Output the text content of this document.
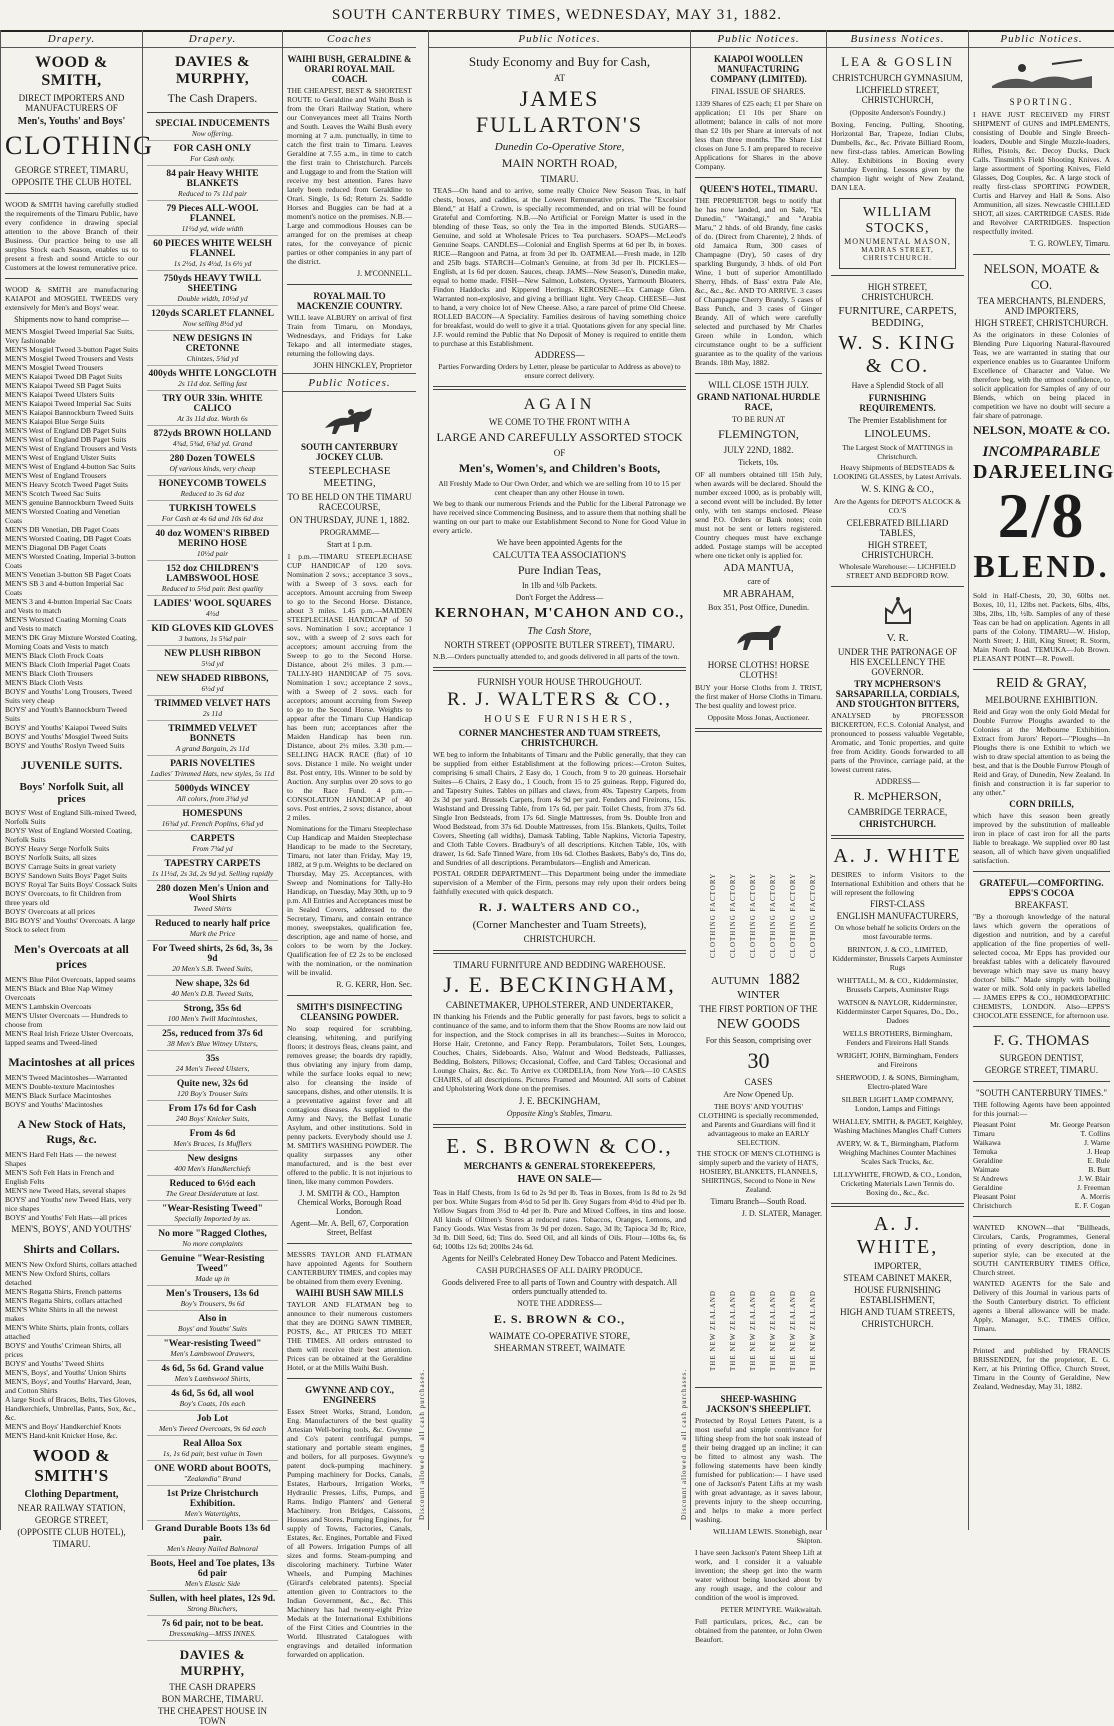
SOUTH CANTERBURY TIMES, WEDNESDAY, MAY 31, 1882.
Drapery.
WOOD & SMITH,
DIRECT IMPORTERS AND MANUFACTURERS OF
Men's, Youths' and Boys'
CLOTHING
GEORGE STREET, TIMARU,
OPPOSITE THE CLUB HOTEL

WOOD & SMITH having carefully studied the requirements of the Timaru Public, have every confidence in drawing special attention to the above Branch of their Business. Our practice being to use all surplus Stock each Season, enables us to present a fresh and sound Article to our Customers at the lowest remunerative price.

WOOD & SMITH are manufacturing KAIAPOI and MOSGIEL TWEEDS very extensively for Men's and Boys' wear.

Shipments now to hand comprise—
MEN'S Mosgiel Tweed Imperial Sac Suits, Very fashionable
MEN'S Mosgiel Tweed 3-button Paget Suits
MEN'S Mosgiel Tweed Trousers and Vests
MEN'S Mosgiel Tweed Trousers
MEN'S Kaiapoi Tweed DB Paget Suits
MEN'S Kaiapoi Tweed SB Paget Suits
MEN'S Kaiapoi Tweed Ulsters Suits
MEN'S Kaiapoi Tweed Imperial Sac Suits
MEN'S Kaiapoi Bannockburn Tweed Suits
MEN'S Kaiapoi Blue Serge Suits
MEN'S West of England DB Paget Suits
MEN'S West of England DB Paget Suits
MEN'S West of England Trousers and Vests
MEN'S West of England Ulster Suits
MEN'S West of England 4-button Sac Suits
MEN'S West of England Trousers
MEN'S Heavy Scotch Tweed Paget Suits
MEN'S Scotch Tweed Sac Suits
MEN'S genuine Bannockburn Tweed Suits
MEN'S Worsted Coating and Venetian Coats
MEN'S DB Venetian, DB Paget Coats
MEN'S Worsted Coating, DB Paget Coats
MEN'S Diagonal DB Paget Coats
MEN'S Worsted Coating, Imperial 3-button Coats
MEN'S Venetian 3-button SB Paget Coats
MEN'S SB 3 and 4-button Imperial Sac Coats
MEN'S 3 and 4-button Imperial Sac Coats and Vests to match
MEN'S Worsted Coating Morning Coats and Vests to match
MEN'S DK Gray Mixture Worsted Coating, Morning Coats and Vests to match
MEN'S Black Cloth Frock Coats
MEN'S Black Cloth Imperial Paget Coats
MEN'S Black Cloth Trousers
MEN'S Black Cloth Vests
BOYS' and Youths' Long Trousers, Tweed Suits very cheap
BOYS' and Youth's Bannockburn Tweed Suits
BOYS' and Youths' Kaiapoi Tweed Suits
BOYS' and Youths' Mosgiel Tweed Suits
BOYS' and Youths' Roslyn Tweed Suits
JUVENILE SUITS.
Boys' Norfolk Suit, all prices
BOYS' West of England Silk-mixed Tweed, Norfolk Suits
BOYS' West of England Worsted Coating, Norfolk Suits
BOYS' Heavy Serge Norfolk Suits
BOYS' Norfolk Suits, all sizes
BOYS' Carrage Suits in great variety
BOYS' Sandown Suits Boys' Paget Suits
BOYS' Royal Tar Suits Boys' Cossack Suits
BOYS' Overcoats, to fit Children from three years old
BOYS' Overcoats at all prices
BIG BOYS' and Youths' Overcoats. A large Stock to select from
Men's Overcoats at all prices
MEN'S Blue Pilot Overcoats, lapped seams
MEN'S Black and Blue Nap Witney Overcoats
MEN'S Lambskin Overcoats
MEN'S Ulster Overcoats — Hundreds to choose from
MEN'S Real Irish Frieze Ulster Overcoats, lapped seams and Tweed-lined
Macintoshes at all prices
MEN'S Tweed Macintoshes—Warranted
MEN'S Double-texture Macintoshes
MEN'S Black Surface Macintoshes
BOYS' and Youths' Macintoshes
A New Stock of Hats, Rugs, &c.
MEN'S Hard Felt Hats — the newest Shapes
MEN'S Soft Felt Hats in French and English Felts
MEN'S new Tweed Hats, several shapes
BOYS' and Youths' new Tweed Hats, very nice shapes
BOYS' and Youths' Felt Hats—all prices
MEN'S, BOYS', AND YOUTHS'
Shirts and Collars.
MEN'S New Oxford Shirts, collars attached
MEN'S New Oxford Shirts, collars detached
MEN'S Regatta Shirts, French patterns
MEN'S Regatta Shirts, collars attached
MEN'S White Shirts in all the newest makes
MEN'S White Shirts, plain fronts, collars attached
BOYS' and Youths' Crimean Shirts, all prices
BOYS' and Youths' Tweed Shirts
MEN'S, Boys', and Youths' Union Shirts
MEN'S, Boys', and Youths' Harvard, Jean, and Cotton Shirts
A large Stock of Braces, Belts, Ties Gloves, Handkerchiefs, Umbrellas, Pants, Sox, &c., &c.
MEN'S and Boys' Handkerchief Knots
MEN'S Hand-knit Knicker Hose, &c.
WOOD & SMITH'S
Clothing Department,
NEAR RAILWAY STATION,
GEORGE STREET,
(OPPOSITE CLUB HOTEL),
TIMARU.
Drapery.
DAVIES & MURPHY,
The Cash Drapers.
SPECIAL INDUCEMENTS
Now offering.
FOR CASH ONLY
For Cash only.
84 pair Heavy WHITE BLANKETS
Reduced to 7s 11d pair
79 Pieces ALL-WOOL FLANNEL
11½d yd, wide width
60 PIECES WHITE WELSH FLANNEL
1s 2½d, 1s 4½d, 1s 6½ yd
750yds HEAVY TWILL SHEETING
Double width, 10½d yd
120yds SCARLET FLANNEL
Now selling 8½d yd
NEW DESIGNS IN CRETONNE
Chintzes, 5¾d yd
400yds WHITE LONGCLOTH
2s 11d doz. Selling fast
TRY OUR 33in. WHITE CALICO
At 3s 11d doz. Worth 6s
872yds BROWN HOLLAND
4¾d, 5¾d, 6¾d yd. Grand
280 Dozen TOWELS
Of various kinds, very cheap
HONEYCOMB TOWELS
Reduced to 3s 6d doz
TURKISH TOWELS
For Cash at 4s 6d and 10s 6d doz
40 doz WOMEN'S RIBBED MERINO HOSE
10½d pair
152 doz CHILDREN'S LAMBSWOOL HOSE
Reduced to 5½d pair. Best quality
LADIES' WOOL SQUARES
4½d
KID GLOVES KID GLOVES
3 buttons, 1s 5¾d pair
NEW PLUSH RIBBON
5½d yd
NEW SHADED RIBBONS,
6½d yd
TRIMMED VELVET HATS
2s 11d
TRIMMED VELVET BONNETS
A grand Bargain, 2s 11d
PARIS NOVELTIES
Ladies' Trimmed Hats, new styles, 5s 11d
5000yds WINCEY
All colors, from 3¾d yd
HOMESPUNS
16¾d yd. French Poplins, 6¾d yd
CARPETS
From 7¾d yd
TAPESTRY CARPETS
1s 11½d, 2s 3d, 2s 9d yd. Selling rapidly
280 dozen Men's Union and Wool Shirts
Tweed Shirts
Reduced to nearly half price
Mark the Price
For Tweed shirts, 2s 6d, 3s, 3s 9d
20 Men's S.B. Tweed Suits,
New shape, 32s 6d
40 Men's D.B. Tweed Suits,
Strong, 35s 6d
100 Men's Twill Macintoshes,
25s, reduced from 37s 6d
38 Men's Blue Witney Ulsters,
35s
24 Men's Tweed Ulsters,
Quite new, 32s 6d
120 Boy's Trouser Suits
From 17s 6d for Cash
240 Boys' Knicker Suits,
From 4s 6d
Men's Braces, 1s Mufflers
New designs
400 Men's Handkerchiefs
Reduced to 6½d each
The Great Desideratum at last.
"Wear-Resisting Tweed"
Specially Imported by us.
No more "Ragged Clothes,
No more complaints
Genuine "Wear-Resisting Tweed"
Made up in
Men's Trousers, 13s 6d
Boy's Trousers, 9s 6d
Also in
Boys' and Youths' Suits
"Wear-resisting Tweed"
Men's Lambswool Drawers,
4s 6d, 5s 6d. Grand value
Men's Lambswool Shirts,
4s 6d, 5s 6d, all wool
Boy's Coats, 10s each
Job Lot
Men's Tweed Overcoats, 9s 6d each
Real Alloa Sox
1s, 1s 6d pair, best value in Town
ONE WORD about BOOTS,
"Zealandia" Brand
1st Prize Christchurch Exhibition.
Men's Watertights,
Grand Durable Boots 13s 6d pair.
Men's Heavy Nailed Balmoral
Boots, Heel and Toe plates, 13s 6d pair
Men's Elastic Side
Sullen, with heel plates, 12s 9d.
Strong Bluchers,
7s 6d pair, not to be beat.
Dressmaking—MISS INNES.
DAVIES & MURPHY,
THE CASH DRAPERS
BON MARCHE, TIMARU.
THE CHEAPEST HOUSE IN TOWN
Coaches
WAIHI BUSH, GERALDINE & ORARI ROYAL MAIL COACH.

THE CHEAPEST, BEST & SHORTEST ROUTE to Geraldine and Waihi Bush is from the Orari Railway Station, where our Conveyances meet all Trains North and South. Leaves the Waihi Bush every morning at 7 a.m. punctually, in time to catch the first train to Timaru. Leaves Geraldine at 7.55 a.m., in time to catch the first train to Christchurch. Parcels and Luggage to and from the Station will receive my best attention. Fares have lately been reduced from Geraldine to Orari. Single, 1s 6d; Return 2s. Saddle Horses and Buggies can be had at a moment's notice on the premises. N.B.—Large and commodious Houses can be arranged for on the premises at cheap rates, for the conveyance of picnic parties or other companies in any part of the district.

J. M'CONNELL.
ROYAL MAIL TO MACKENZIE COUNTRY.

WILL leave ALBURY on arrival of first Train from Timaru, on Mondays, Wednesdays, and Fridays for Lake Tekapo and all intermediate stages, returning the following days.

JOHN HINCKLEY, Proprietor
Public Notices.
SOUTH CANTERBURY JOCKEY CLUB.
STEEPLECHASE MEETING,
TO BE HELD ON THE TIMARU RACECOURSE,
ON THURSDAY, JUNE 1, 1882.
PROGRAMME—
Start at 1 p.m.

1 p.m.—TIMARU STEEPLECHASE CUP HANDICAP of 120 sovs. Nomination 2 sovs.; acceptance 3 sovs., with a Sweep of 3 sovs. each for acceptors. Amount accruing from Sweep to go to the Second Horse. Distance, about 3 miles. 1.45 p.m.—MAIDEN STEEPLECHASE HANDICAP of 50 sovs. Nomination 1 sov.; acceptance 1 sov., with a sweep of 2 sovs each for acceptors; amount accruing from the Sweep to go to the Second Horse. Distance, about 2½ miles. 3 p.m.—TALLY-HO HANDICAP of 75 sovs. Nomination 1 sov.; acceptance 2 sovs., with a Sweep of 2 sovs. each for acceptors; amount accruing from Sweep to go to the Second Horse. Weights to appear after the Timaru Cup Handicap has been run; acceptances after the Maiden Handicap has been run. Distance, about 2½ miles. 3.30 p.m.—SELLING HACK RACE (flat) of 10 sovs. Distance 1 mile. No weight under 8st. Post entry, 10s. Winner to be sold by Auction. Any surplus over 20 sovs to go to the Race Fund. 4 p.m.—CONSOLATION HANDICAP of 40 sovs. Post entries, 2 sovs; distance, about 2 miles.

Nominations for the Timaru Steeplechase Cup Handicap and Maiden Steeplechase Handicap to be made to the Secretary, Timaru, not later than Friday, May 19, 1882, at 9 p.m. Weights to be declared on Thursday, May 25. Acceptances, with Sweep and Nominations for Tally-Ho Handicap, on Tuesday, May 30th, up to 9 p.m. All Entries and Acceptances must be in Sealed Covers, addressed to the Secretary, Timaru, and contain entrance money, sweepstakes, qualification fee, description, age and name of horse, and colors to be worn by the Jockey. Qualification fee of £2 2s to be enclosed with the nomination, or the nomination will be invalid.

R. G. KERR, Hon. Sec.
SMITH'S DISINFECTING CLEANSING POWDER.

No soap required for scrubbing, cleansing, whitening, and purifying floors; it destroys fleas, cleans paint, and removes grease; the boards dry rapidly, thus obviating any injury from damp, while the surface looks equal to new; also for cleansing the inside of saucepans, dishes, and other utensils. It is a preventative against fever and all contagious diseases. As supplied to the Army and Navy, the Belfast Lunatic Asylum, and other institutions. Sold in penny packets. Everybody should use J. M. SMITH'S WASHING POWDER. The quality surpasses any other manufactured, and is the best ever offered to the public. It is not injurious to linen, like many common Powders.

J. M. SMITH & CO., Hampton Chemical Works, Borough Road London.
Agent—Mr. A. Bell, 67, Corporation Street, Belfast

MESSRS TAYLOR AND FLATMAN have appointed Agents for Southern CANTERBURY TIMES, and copies may be obtained from them every Evening.

WAIHI BUSH SAW MILLS

TAYLOR AND FLATMAN beg to announce to their numerous customers that they are DOING SAWN TIMBER, POSTS, &c., AT PRICES TO MEET THE TIMES. All orders entrusted to them will receive their best attention. Prices can be obtained at the Geraldine Hotel, or at the Mills Waihi Bush.

GWYNNE AND COY., ENGINEERS

Essex Street Works, Strand, London, Eng. Manufacturers of the best quality Artesian Well-boring tools, &c. Gwynne and Co's patent centrifugal pumps, stationary and portable steam engines, and boilers, for all purposes. Gwynne's patent dock-pumping machinery. Pumping machinery for Docks, Canals, Estates, Harbours, Irrigation Works, Hydraulic Presses, Lifts, Pumps, and Rams. Indigo Planters' and General Machinery. Iron Bridges, Caissons, Houses and Stores. Pumping Engines, for supply of Towns, Factories, Canals, Estates, &c. Engines, Portable and Fixed of all Powers. Irrigation Pumps of all sizes and forms. Steam-pumping and discoloring machinery. Turbine Water Wheels, and Pumping Machines (Girard's celebrated patents). Special attention given to Contractors to the Indian Government, &c., &c. This Machinery has had twenty-eight Prize Medals at the International Exhibitions of the First Cities and Countries in the World. Illustrated Catalogues with engravings and detailed information forwarded on application.

Discount allowed on all cash purchases.
Public Notices.
Study Economy and Buy for Cash,
AT
JAMES FULLARTON'S
Dunedin Co-Operative Store,
MAIN NORTH ROAD,
TIMARU.

TEAS—On hand and to arrive, some really Choice New Season Teas, in half chests, boxes, and caddies, at the Lowest Remunerative prices. The "Excelsior Blend," at Half a Crown, is specially recommended, and on trial will be found Grateful and Comforting. N.B.—No Artificial or Foreign Matter is used in the blending of these Teas, so only the Tea in the imported Blends. SUGARS—Genuine, and sold at Wholesale Prices to Tea purchasers. SOAPS—McLeod's Genuine Soaps. CANDLES—Colonial and English Sperms at 6d per lb, in boxes. RICE—Rangoon and Patna, at from 3d per lb. OATMEAL—Fresh made, in 12lb and 25lb bags. STARCH—Colman's Genuine, at from 3d per lb. PICKLES—English, at 1s 6d per dozen. Sauces, cheap. JAMS—New Season's, Dunedin make, equal to home made. FISH—New Salmon, Lobsters, Oysters, Yarmouth Bloaters, Findon Haddocks and Kippered Herrings. KEROSENE—Ex Camage Glen. Warranted non-explosive, and giving a brilliant light. Very Cheap. CHEESE—Just to hand, a very choice lot of New Cheese. Also, a rare parcel of prime Old Cheese. ROLLED BACON—A Speciality. Families desirous of having something choice for breakfast, would do well to give it a trial. Quotations given for any special line. J.F. would remind the Public that No Deposit of Money is required to entitle them to purchase at this Establishment.

ADDRESS—

Parties Forwarding Orders by Letter, please be particular to Address as above) to ensure correct delivery.

AGAIN
WE COME TO THE FRONT WITH A
LARGE AND CAREFULLY ASSORTED STOCK
OF
Men's, Women's, and Children's Boots,

All Freshly Made to Our Own Order, and which we are selling from 10 to 15 per cent cheaper than any other House in town.

We beg to thank our numerous Friends and the Public for the Liberal Patronage we have received since Commencing Business, and to assure them that nothing shall be wanting on our part to make our Establishment Second to None for Good Value in every article.

We have been appointed Agents for the
CALCUTTA TEA ASSOCIATION'S
Pure Indian Teas,
In 1lb and ½lb Packets.
Don't Forget the Address—
KERNOHAN, M'CAHON AND CO.,
The Cash Store,
NORTH STREET (OPPOSITE BUTLER STREET), TIMARU.

N.B.—Orders punctually attended to, and goods delivered in all parts of the town.

FURNISH YOUR HOUSE THROUGHOUT.
R. J. WALTERS & CO.,
HOUSE FURNISHERS,
CORNER MANCHESTER AND TUAM STREETS, CHRISTCHURCH.

WE beg to inform the Inhabitants of Timaru and the Public generally, that they can be supplied from either Establishment at the following prices:—Croton Suites, comprising 6 small Chairs, 2 Easy do, 1 Couch, from 9 to 20 guineas. Horsehair Suites—6 Chairs, 2 Easy do., 1 Couch, from 15 to 25 guineas. Repp, Figured do, and Tapestry Suites. Tables on pillars and claws, from 40s. Tapestry Carpets, from 2s 3d per yard. Brussels Carpets, from 4s 9d per yard. Fenders and Fireirons, 15s. Washstand and Dressing Table, from 17s 6d, per pair. Toilet Chests, from 37s 6d. Single Iron Bedsteads, from 17s 6d. Single Mattresses, from 9s. Double Iron and Wood Bedstead, from 37s 6d. Double Mattresses, from 15s. Blankets, Quilts, Toilet Covers, Sheeting (all widths), Damask Tabling, Table Napkins, Victoria Tapestry, and Cloth Table Covers. Bradbury's of all descriptions. Kitchen Table, 10s, with drawer, 1s 6d. Safe Tinned Ware, from 10s 6d. Clothes Baskets, Baby's do, Tins do, and Sundries of all descriptions. Perambulators—English and American.

POSTAL ORDER DEPARTMENT—This Department being under the immediate supervision of a Member of the Firm, persons may rely upon their orders being faithfully executed with quick despatch.

R. J. WALTERS AND CO.,
(Corner Manchester and Tuam Streets),
CHRISTCHURCH.
TIMARU FURNITURE AND BEDDING WAREHOUSE.
J. E. BECKINGHAM,
CABINETMAKER, UPHOLSTERER, AND UNDERTAKER,

IN thanking his Friends and the Public generally for past favors, begs to solicit a continuance of the same, and to inform them that the Show Rooms are now laid out for inspection, and the Stock comprises in all its branches:—Suites in Morocco, Horse Hair, Cretonne, and Fancy Repp. Perambulators, Toilet Sets, Lounges, Couches, Chairs, Sideboards. Also, Walnut and Wood Bedsteads, Palliasses, Bedding, Bolsters, Pillows; Occasional, Coffee, and Card Tables; Occasional and Lounge Chairs, &c. &c. To Arrive ex CORDELIA, from New York—10 CASES CHAIRS, of all descriptions. Pictures Framed and Mounted. All sorts of Cabinet and Upholstering Work done on the premises.

J. E. BECKINGHAM,
Opposite King's Stables, Timaru.
E. S. BROWN & CO.,
MERCHANTS & GENERAL STOREKEEPERS,
HAVE ON SALE—

Teas in Half Chests, from 1s 6d to 2s 9d per lb. Teas in Boxes, from 1s 8d to 2s 9d per box. White Sugars from 4½d to 5d per lb. Grey Sugars from 4½d to 4¾d per lb. Yellow Sugars from 3½d to 4d per lb. Pure and Mixed Coffees, in tins and loose. All kinds of Oilmen's Stores at reduced rates. Tobaccos, Oranges, Lemons, and Fancy Goods. Wax Vestas from 3s 9d per dozen. Sago, 3d lb; Tapioca 3d lb; Rice, 3d lb. Dill Seed, 6d; Tins do. Seed Oil, and all kinds of Oils. Flour—10lbs 6s, 6s 6d; 100lbs 12s 6d; 200lbs 24s 6d.

Agents for Neill's Celebrated Honey Dew Tobacco and Patent Medicines.
CASH PURCHASES OF ALL DAIRY PRODUCE.
Goods delivered Free to all parts of Town and Country with despatch. All orders punctually attended to.
NOTE THE ADDRESS—
E. S. BROWN & CO.,
WAIMATE CO-OPERATIVE STORE,
SHEARMAN STREET, WAIMATE
Discount allowed on all cash purchases.
Public Notices.
KAIAPOI WOOLLEN MANUFACTURING COMPANY (LIMITED).
FINAL ISSUE OF SHARES.

1339 Shares of £25 each; £1 per Share on application; £1 10s per Share on allotment; balance in calls of not more than £2 10s per Share at intervals of not less than three months. The Share List closes on June 5. I am prepared to receive Applications for Shares in the above Company.

QUEEN'S HOTEL, TIMARU.

THE PROPRIETOR begs to notify that he has now landed, and on Sale, "Ex Dunedin," "Waitangi," and "Arabia Maru," 2 hhds. of old Brandy, fine casks of do. (Direct from Charente), 2 hhds. of old Jamaica Rum, 300 cases of Champagne (Dry), 50 cases of dry sparkling Burgundy, 3 hhds. of old Port Wine, 1 butt of superior Amontillado Sherry, Hhds. of Bass' extra Pale Ale, &c., &c., &c. AND TO ARRIVE. 3 cases of Champagne Cherry Brandy, 5 cases of Bass Punch, and 3 cases of Ginger Brandy. All of which were carefully selected and purchased by Mr Charles Green while in London, which circumstance ought to be a sufficient guarantee as to the quality of the various Brands. 18th May, 1882.

WILL CLOSE 15TH JULY.
GRAND NATIONAL HURDLE RACE,
TO BE RUN AT
FLEMINGTON,
JULY 22ND, 1882.
Tickets, 10s.

OF all numbers obtained till 15th July, when awards will be declared. Should the number exceed 1000, as is probably will, a second event will be included. By letter only, with ten stamps enclosed. Please send P.O. Orders or Bank notes; coin must not be sent or letters registered. Country cheques must have exchange added. Postage stamps will be accepted where one ticket only is applied for.

ADA MANTUA,
care of
MR ABRAHAM,
Box 351, Post Office, Dunedin.
HORSE CLOTHS! HORSE CLOTHS!

BUY your Horse Cloths from J. TRIST, the first maker of Horse Cloths in Timaru. The best quality and lowest price.

Opposite Moss Jonas, Auctioneer.
CLOTHING FACTORY CLOTHING FACTORY CLOTHING FACTORY CLOTHING FACTORY CLOTHING FACTORY CLOTHING FACTORY
AUTUMN 1882 WINTER
THE FIRST PORTION OF THE
NEW GOODS
For this Season, comprising over
30
CASES
Are Now Opened Up.

THE BOYS' AND YOUTHS' CLOTHING is specially recommended, and Parents and Guardians will find it advantageous to make an EARLY SELECTION.

THE STOCK OF MEN'S CLOTHING is simply superb and the variety of HATS, HOSIERY, BLANKETS, FLANNELS, SHIRTINGS, Second to None in New Zealand.

Timaru Branch—South Road.
J. D. SLATER, Manager.
THE NEW ZEALAND THE NEW ZEALAND THE NEW ZEALAND THE NEW ZEALAND THE NEW ZEALAND THE NEW ZEALAND
SHEEP-WASHING JACKSON'S SHEEPLIFT.

Protected by Royal Letters Patent, is a most useful and simple contrivance for lifting sheep from the hot soak instead of their being dragged up an incline; it can be fitted to almost any wash. The following statements have been kindly furnished for publication:— I have used one of Jackson's Patent Lifts at my wash with great advantage, as it saves labour, prevents injury to the sheep occurring, and helps to make a more perfect washing.

WILLIAM LEWIS. Stonehigh, near Skipton.

I have seen Jackson's Patent Sheep Lift at work, and I consider it a valuable invention; the sheep get into the warm water without being knocked about by any rough usage, and the colour and condition of the wool is improved.

PETER M'INTYRE. Waikwaitah.

Full particulars, prices, &c., can be obtained from the patentee, or John Owen Beaufort.

Business Notices.
LEA & GOSLIN
CHRISTCHURCH GYMNASIUM,
LICHFIELD STREET, CHRISTCHURCH,
(Opposite Anderson's Foundry.)

Boxing, Fencing, Pulling, Shooting, Horizontal Bar, Trapeze, Indian Clubs, Dumbells, &c., &c. Private Billiard Room, new first-class tables. American Bowling Alley. Exhibitions in Boxing every Saturday Evening. Lessons given by the champion light weight of New Zealand, DAN LEA.

WILLIAM STOCKS,
MONUMENTAL MASON,
MADRAS STREET, CHRISTCHURCH.
HIGH STREET, CHRISTCHURCH.
FURNITURE, CARPETS, BEDDING,
W. S. KING & CO.
Have a Splendid Stock of all
FURNISHING REQUIREMENTS.
The Premier Establishment for
LINOLEUMS.

The Largest Stock of MATTINGS in Christchurch.

Heavy Shipments of BEDSTEADS & LOOKING GLASSES, by Latest Arrivals.

W. S. KING & CO.,
Are the Agents for DEPOT'S ALCOCK & CO.'S
CELEBRATED BILLIARD TABLES,
HIGH STREET, CHRISTCHURCH.

Wholesale Warehouse:— LICHFIELD STREET AND BEDFORD ROW.

V. R.
UNDER THE PATRONAGE OF HIS EXCELLENCY THE GOVERNOR.
TRY MCPHERSON'S SARSAPARILLA, CORDIALS, AND STOUGHTON BITTERS,

ANALYSED by PROFESSOR BICKERTON, F.C.S. Colonial Analyst, and pronounced to possess valuable Vegetable, Aromatic, and Tonic properties, and quite free from Acidity. Goods forwarded to all parts of the Province, carriage paid, at the lowest current rates.

ADDRESS—
R. McPHERSON,
CAMBRIDGE TERRACE,
CHRISTCHURCH.
A. J. WHITE

DESIRES to inform Visitors to the International Exhibition and others that he will represent the following

FIRST-CLASS
ENGLISH MANUFACTURERS,

On whose behalf he solicits Orders on the most favourable terms.

BRINTON, J. & CO., LIMITED, Kidderminster, Brussels Carpets Axminster Rugs
WHITTALL, M. & CO., Kidderminster, Brussels Carpets, Axminster Rugs
WATSON & NAYLOR, Kidderminster, Kidderminster Carpet Squares, Do., Do., Dadoes
WELLS BROTHERS, Birmingham, Fenders and Fireirons Hall Stands
WRIGHT, JOHN, Birmingham, Fenders and Fireirons
SHERWOOD, J. & SONS, Birmingham, Electro-plated Ware
SILBER LIGHT LAMP COMPANY, London, Lamps and Fittings
WHALLEY, SMITH, & PAGET, Keighley, Washing Machines Mangles Chaff Cutters
AVERY, W. & T., Birmingham, Platform Weighing Machines Counter Machines Scales Sack Trucks, &c.
LILLYWHITE, FROWD, & CO., London, Cricketing Materials Lawn Tennis do. Boxing do., &c., &c.
A. J. WHITE,
IMPORTER,
STEAM CABINET MAKER,
HOUSE FURNISHING ESTABLISHMENT,
HIGH AND TUAM STREETS,
CHRISTCHURCH.
Public Notices.
SPORTING.

I HAVE JUST RECEIVED my FIRST SHIPMENT of GUNS and IMPLEMENTS, consisting of Double and Single Breech-loaders, Double and Single Muzzle-loaders, Rifles, Pistols, &c. Decoy Ducks, Duck Calls. Tinsmith's Field Shooting Knives. A large assortment of Sporting Knives, Field Glasses, Dog Couples, &c. A large stock of really first-class SPORTING POWDER, Curtis and Harvey and Hall & Sons. Also Ammunition, all sizes. Newcastle CHILLED SHOT, all sizes. CARTRIDGE CASES. Ride and Revolver CARTRIDGES. Inspection respectfully invited.

T. G. ROWLEY, Timaru.
NELSON, MOATE & CO.
TEA MERCHANTS, BLENDERS, AND IMPORTERS,
HIGH STREET, CHRISTCHURCH.

As the originators in these Colonies of Blending Pure Liquoring Natural-flavoured Teas, we are warranted in stating that our experience enables us to Guarantee Uniform Excellence of Character and Value. We therefore beg, with the utmost confidence, to solicit application for Samples of any of our Blends, which on being placed in competition we have no doubt will secure a fair share of patronage.

NELSON, MOATE & CO.
INCOMPARABLE
DARJEELING
2/8
BLEND.

Sold in Half-Chests, 20, 30, 60lbs net. Boxes, 10, 11, 12lbs net. Packets, 6lbs, 4lbs, 3lbs, 2lbs, 1lb, ½lb. Samples of any of these Teas can be had on application. Agents in all parts of the Colony. TIMARU—W. Hislop, North Street; J. Hill, King Street; R. Storm, Main North Road. TEMUKA—Job Brown. PLEASANT POINT—R. Powell.

REID & GRAY,
MELBOURNE EXHIBITION.

Reid and Gray won the only Gold Medal for Double Furrow Ploughs awarded to the Colonies at the Melbourne Exhibition. Extract from Jurors' Report—"Ploughs—In Ploughs there is one Exhibit to which we wish to draw special attention to as being the best, and that is the Double Furrow Plough of Reid and Gray, of Dunedin, New Zealand. In finish and construction it is far superior to any other."

CORN DRILLS,

which have this season been greatly improved by the substitution of malleable iron in place of cast iron for all the parts liable to breakage. We supplied over 80 last season, all of which have given unqualified satisfaction.

GRATEFUL—COMFORTING. EPPS'S COCOA
BREAKFAST.

"By a thorough knowledge of the natural laws which govern the operations of digestion and nutrition, and by a careful application of the fine properties of well-selected cocoa, Mr Epps has provided our breakfast tables with a delicately flavoured beverage which may save us many heavy doctors' bills." Made simply with boiling water or milk. Sold only in packets labelled— JAMES EPPS & CO., HOMŒOPATHIC CHEMISTS, LONDON. Also—EPPS'S CHOCOLATE ESSENCE, for afternoon use.

F. G. THOMAS
SURGEON DENTIST,
GEORGE STREET, TIMARU.
"SOUTH CANTERBURY TIMES."

THE following Agents have been appointed for this journal:—

Pleasant Point	Mr. George Pearson
Timaru	T. Collins
Waikawa	J. Warne
Temuka	J. Heap
Geraldine	E. Rule
Waimate	B. Butt
St Andrews	J. W. Blair
Geraldine	J. Freeman
Pleasant Point	A. Morris
Christchurch	E. F. Cogan

WANTED KNOWN—that "Billheads, Circulars, Cards, Programmes, General printing of every description, done in superior style, can be executed at the SOUTH CANTERBURY TIMES Office, Church street.

WANTED AGENTS for the Sale and Delivery of this Journal in various parts of the South Canterbury district. To efficient agents a liberal allowance will be made. Apply, Manager, S.C. TIMES Office, Timaru.

Printed and published by FRANCIS BRISSENDEN, for the proprietor, E. G. Kerr, at his Printing Office, Church Street, Timaru in the County of Geraldine, New Zealand, Wednesday, May 31, 1882.
